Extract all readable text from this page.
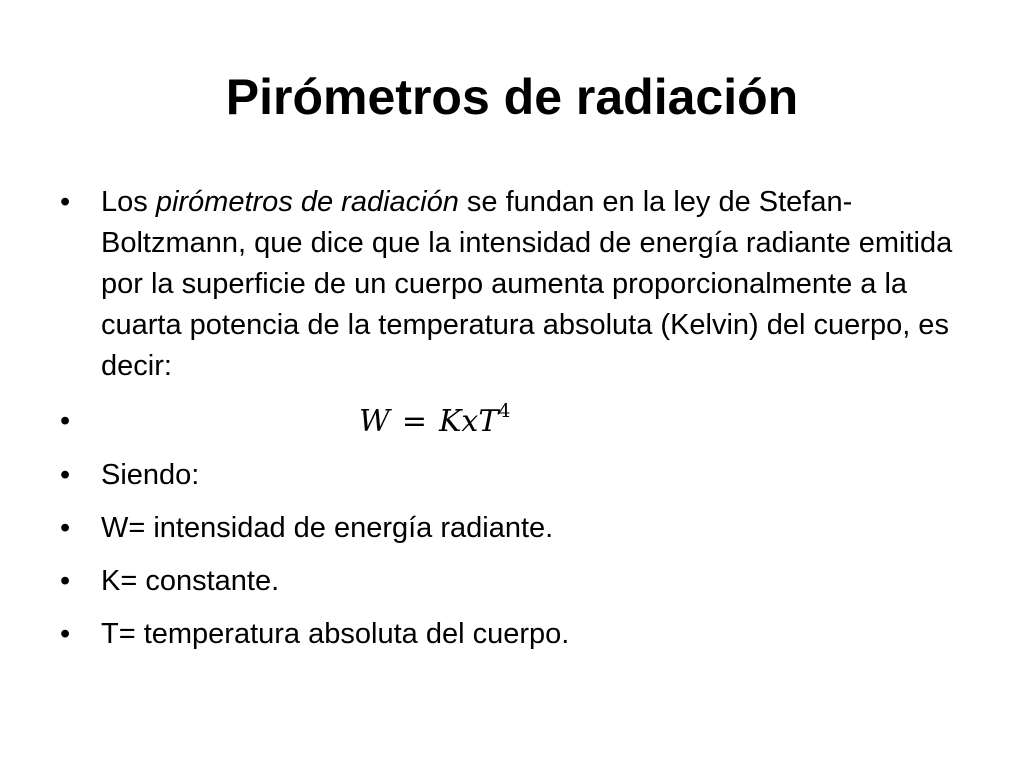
Pirómetros de radiación
•	Los pirómetros de radiación se fundan en la ley de Stefan-Boltzmann, que dice que la intensidad de energía radiante emitida por la superficie de un cuerpo aumenta proporcionalmente a la cuarta potencia de la temperatura absoluta (Kelvin) del cuerpo, es decir:
•	W = KxT$^4$
•	Siendo:
•	W= intensidad de energía radiante.
•	K= constante.
•	T= temperatura absoluta del cuerpo.
